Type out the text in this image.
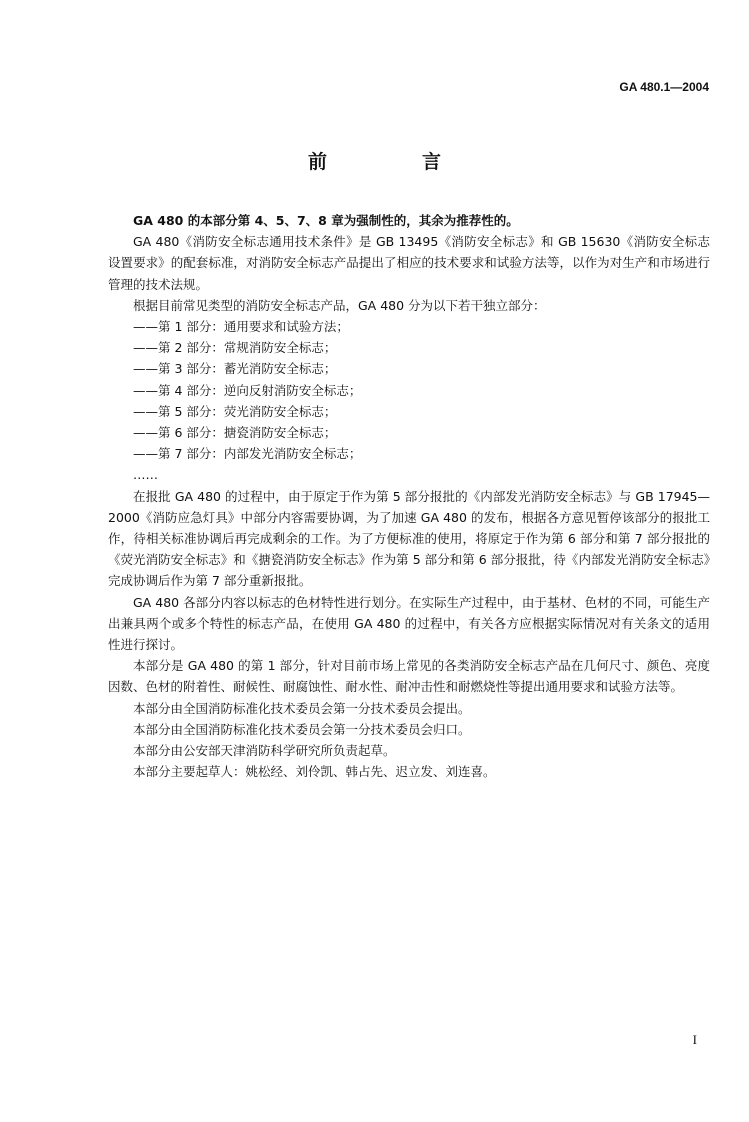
GA 480.1—2004
前　言

GA 480 的本部分第 4、5、7、8 章为强制性的，其余为推荐性的。

GA 480《消防安全标志通用技术条件》是 GB 13495《消防安全标志》和 GB 15630《消防安全标志设置要求》的配套标准，对消防安全标志产品提出了相应的技术要求和试验方法等，以作为对生产和市场进行管理的技术法规。

根据目前常见类型的消防安全标志产品，GA 480 分为以下若干独立部分：

——第 1 部分：通用要求和试验方法；

——第 2 部分：常规消防安全标志；

——第 3 部分：蓄光消防安全标志；

——第 4 部分：逆向反射消防安全标志；

——第 5 部分：荧光消防安全标志；

——第 6 部分：搪瓷消防安全标志；

——第 7 部分：内部发光消防安全标志；

……

在报批 GA 480 的过程中，由于原定于作为第 5 部分报批的《内部发光消防安全标志》与 GB 17945—2000《消防应急灯具》中部分内容需要协调，为了加速 GA 480 的发布，根据各方意见暂停该部分的报批工作，待相关标准协调后再完成剩余的工作。为了方便标准的使用，将原定于作为第 6 部分和第 7 部分报批的《荧光消防安全标志》和《搪瓷消防安全标志》作为第 5 部分和第 6 部分报批，待《内部发光消防安全标志》完成协调后作为第 7 部分重新报批。

GA 480 各部分内容以标志的色材特性进行划分。在实际生产过程中，由于基材、色材的不同，可能生产出兼具两个或多个特性的标志产品，在使用 GA 480 的过程中，有关各方应根据实际情况对有关条文的适用性进行探讨。

本部分是 GA 480 的第 1 部分，针对目前市场上常见的各类消防安全标志产品在几何尺寸、颜色、亮度因数、色材的附着性、耐候性、耐腐蚀性、耐水性、耐冲击性和耐燃烧性等提出通用要求和试验方法等。

本部分由全国消防标准化技术委员会第一分技术委员会提出。

本部分由全国消防标准化技术委员会第一分技术委员会归口。

本部分由公安部天津消防科学研究所负责起草。

本部分主要起草人：姚松经、刘伶凯、韩占先、迟立发、刘连喜。

I
